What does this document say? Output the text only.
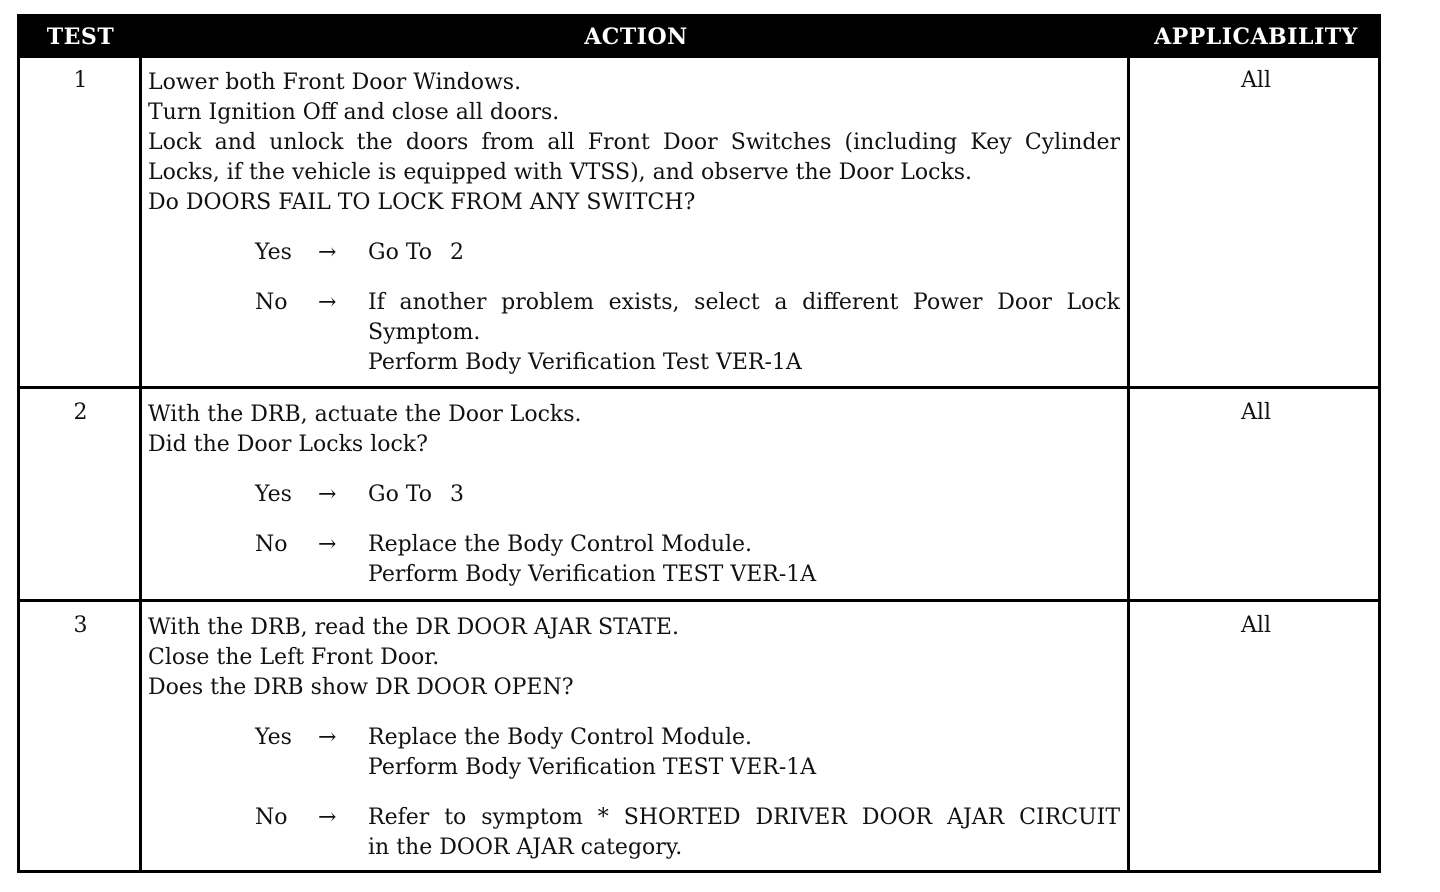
TEST	ACTION	APPLICABILITY
1	Lower both Front Door Windows.
Turn Ignition Off and close all doors.
Lock and unlock the doors from all Front Door Switches (including Key Cylinder
Locks, if the vehicle is equipped with VTSS), and observe the Door Locks.
Do DOORS FAIL TO LOCK FROM ANY SWITCH?
Yes	→	Go To 2
No	→	If another problem exists, select a different Power Door Lock
Symptom.
Perform Body Verification Test VER-1A
All
2	With the DRB, actuate the Door Locks.
Did the Door Locks lock?
Yes	→	Go To 3
No	→	Replace the Body Control Module.
Perform Body Verification TEST VER-1A
All
3	With the DRB, read the DR DOOR AJAR STATE.
Close the Left Front Door.
Does the DRB show DR DOOR OPEN?
Yes	→	Replace the Body Control Module.
Perform Body Verification TEST VER-1A
No	→	Refer to symptom * SHORTED DRIVER DOOR AJAR CIRCUIT
in the DOOR AJAR category.
All
